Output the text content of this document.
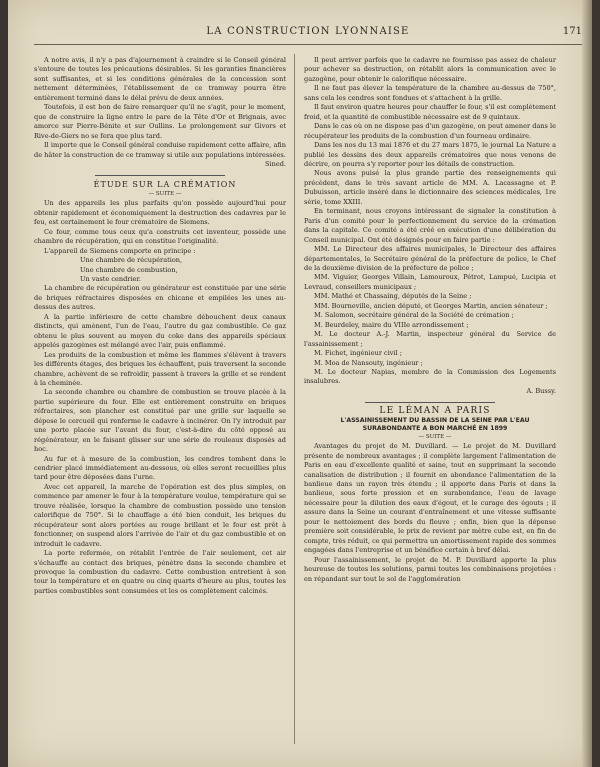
LA CONSTRUCTION LYONNAISE	171

A notre avis, il n'y a pas d'ajournement à craindre si le Conseil général s'entoure de toutes les précautions désirables. Si les garanties financières sont suffisantes, et si les conditions générales de la concession sont nettement déterminées, l'établissement de ce tramway pourra être entièrement terminé dans le délai prévu de deux années.

Toutefois, il est bon de faire remarquer qu'il ne s'agit, pour le moment, que de construire la ligne entre le pare de la Tête d'Or et Brignais, avec amorce sur Pierre-Bénite et sur Oullins. Le prolongement sur Givors et Rive-de-Giers no se fera que plus tard.

Il importe que le Conseil général conduise rapidement cette affaire, afin de hâter la construction de ce tramway si utile aux populations intéressées.

Sined.

ÉTUDE SUR LA CRÉMATION

— SUITE —

Un des appareils les plus parfaits qu'on possède aujourd'hui pour obtenir rapidement et économiquement la destruction des cadavres par le feu, est certainement le four crématoire de Siemens.

Ce four, comme tous ceux qu'a construits cet inventeur, possède une chambre de récupération, qui en constitue l'originalité.

L'appareil de Siemens comporte en principe :

Une chambre de récupération,

Une chambre de combustion,

Un vaste cendrier.

La chambre de récupération ou générateur est constituée par une série de briques réfractaires disposées en chicane et empilées les unes au-dessus des autres.

A la partie inférieure de cette chambre débouchent deux canaux distincts, qui amènent, l'un de l'eau, l'autre du gaz combustible. Ce gaz obtenu le plus souvent au moyen du coke dans des appareils spéciaux appelés gazogènes est mélangé avec l'air, puis enflammé.

Les produits de la combustion et même les flammes s'élèvent à travers les différents étages, des briques les échauffent, puis traversent la seconde chambre, achèvent de se refroidir, passent à travers la grille et se rendent à la cheminée.

La seconde chambre ou chambre de combustion se trouve placée à la partie supérieure du four. Elle est entièrement construite en briques réfractaires, son plancher est constitué par une grille sur laquelle se dépose le cercueil qui renferme le cadavre à incinérer. On l'y introduit par une porte placée sur l'avant du four, c'est-à-dire du côté opposé au régénérateur, en le faisant glisser sur une série de rouleaux disposés ad hoc.

Au fur et à mesure de la combustion, les cendres tombent dans le cendrier placé immédiatement au-dessous, où elles seront recueillies plus tard pour être déposées dans l'urne.

Avec cet appareil, la marche de l'opération est des plus simples, on commence par amener le four à la température voulue, température qui se trouve réalisée, lorsque la chambre de combustion possède une tension calorifique de 750°. Si le chauffage a été bien conduit, les briques du récupérateur sont alors portées au rouge brillant et le four est prêt à fonctionner, on suspend alors l'arrivée de l'air et du gaz combustible et on introduit le cadavre.

La porte refermée, on rétablit l'entrée de l'air seulement, cet air s'échauffe au contact des briques, pénètre dans la seconde chambre et provoque la combustion du cadavre. Cette combustion entretient à son tour la température et en quatre ou cinq quarts d'heure au plus, toutes les parties combustibles sont consumées et les os complètement calcinés.

Il peut arriver parfois que le cadavre ne fournisse pas assez de chaleur pour achever sa destruction, on rétablit alors la communication avec le gazogène, pour obtenir le calorifique nécessaire.

Il ne faut pas élever la température de la chambre au-dessus de 750°, sans cela les cendres sont fondues et s'attachent à la grille.

Il faut environ quatre heures pour chauffer le four, s'il est complètement froid, et la quantité de combustible nécessaire est de 9 quintaux.

Dans le cas où on ne dispose pas d'un gazogène, on peut amener dans le récupérateur les produits de la combustion d'un fourneau ordinaire.

Dans les nos du 13 mai 1876 et du 27 mars 1875, le journal La Nature a publié les dessins des deux appareils crématoires que nous venons de décrire, on pourra s'y reporter pour les détails de construction.

Nous avons puisé la plus grande partie des renseignements qui précèdent, dans le très savant article de MM. A. Lacassagne et P. Dubuisson, article inséré dans le dictionnaire des sciences médicales, 1re série, tome XXIII.

En terminant, nous croyons intéressant de signaler la constitution à Paris d'un comité pour le perfectionnement du service de la crémation dans la capitale. Ce comité a été créé en exécution d'une délibération du Conseil municipal. Ont été désignés pour en faire partie :

MM. Le Directeur des affaires municipales, le Directeur des affaires départementales, le Secrétaire général de la préfecture de police, le Chef de la deuxième division de la préfecture de police ;

MM. Viguier, Georges Villain, Lamouroux, Pétrot, Lampué, Lucipia et Levraud, conseillers municipaux ;

MM. Mathé et Chassaing, députés de la Seine ;

MM. Bourneville, ancien député, et Georges Martin, ancien sénateur ;

M. Salomon, secrétaire général de la Société de crémation ;

M. Beurdeley, maire du VIIIe arrondissement ;

M. Le docteur A.-J. Martin, inspecteur général du Service de l'assainissement ;

M. Fichet, ingénieur civil ;

M. Moa de Nansouty, ingénieur ;

M. Le docteur Napias, membre de la Commission des Logements insalubres.

A. Bussy.

LE LÉMAN A PARIS

L'ASSAINISSEMENT DU BASSIN DE LA SEINE PAR L'EAU

SURABONDANTE A BON MARCHÉ EN 1899

— SUITE —

Avantages du projet de M. Duvillard. — Le projet de M. Duvillard présente de nombreux avantages ; il complète largement l'alimentation de Paris en eau d'excellente qualité et saine, tout en supprimant la seconde canalisation de distribution ; il fournit en abondance l'alimentation de la banlieue dans un rayon très étendu ; il apporte dans Paris et dans la banlieue, sous forte pression et en surabondance, l'eau de lavage nécessaire pour la dilution des eaux d'égout, et le curage des égouts ; il assure dans la Seine un courant d'entraînement et une vitesse suffisante pour le nettoiement des bords du fleuve ; enfin, bien que la dépense première soit considérable, le prix de revient par mètre cube est, en fin de compte, très réduit, ce qui permettra un amortissement rapide des sommes engagées dans l'entreprise et un bénéfice certain à bref délai.

Pour l'assainissement, le projet de M. P. Duvillard apporte la plus heureuse de toutes les solutions, parmi toutes les combinaisons projetées : en répandant sur tout le sol de l'agglomération
